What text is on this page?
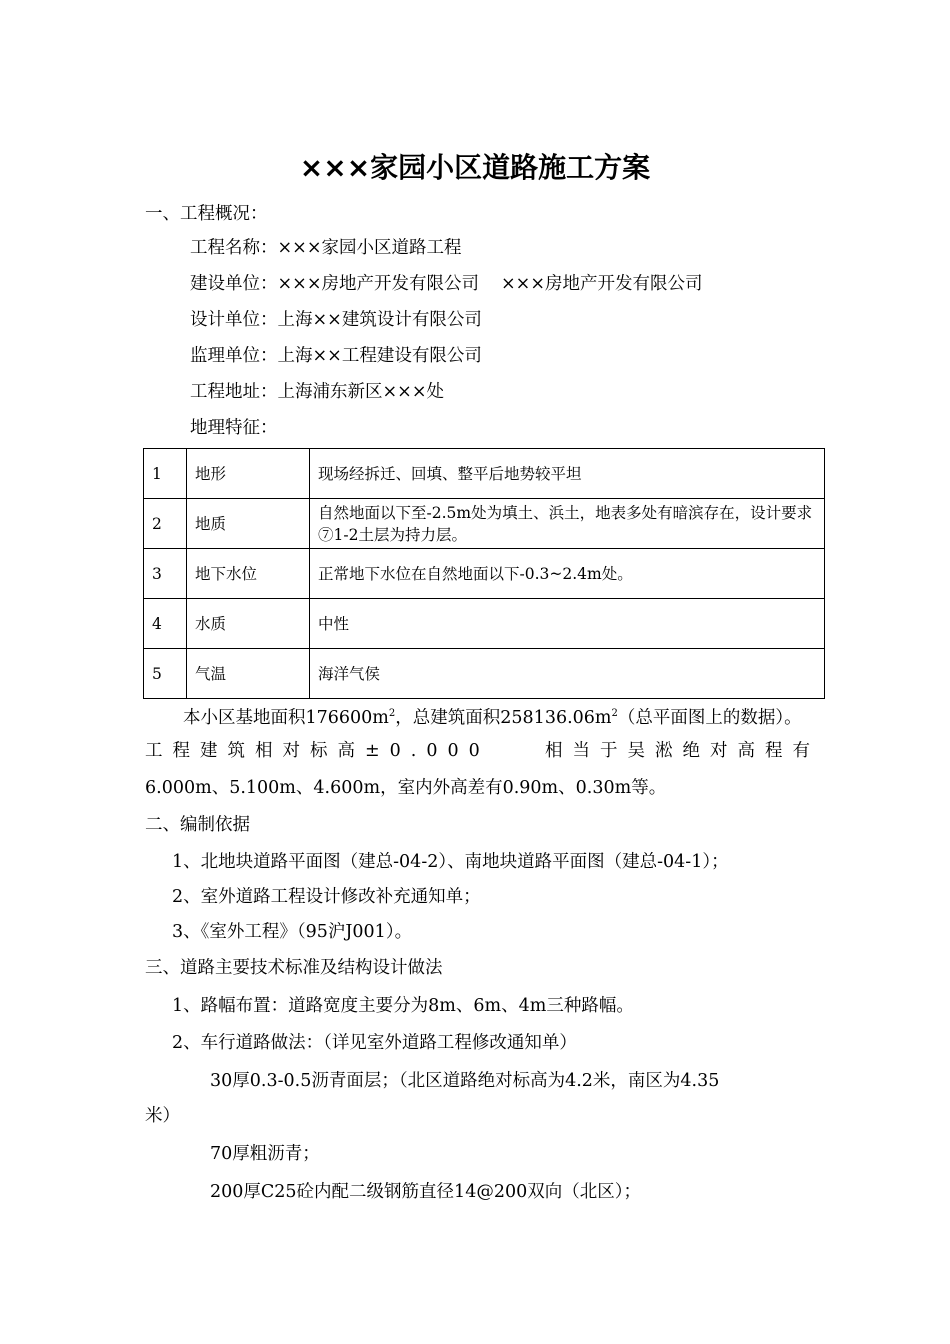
×××家园小区道路施工方案
一、工程概况：
工程名称：×××家园小区道路工程
建设单位：×××房地产开发有限公司 ×××房地产开发有限公司
设计单位：上海××建筑设计有限公司
监理单位：上海××工程建设有限公司
工程地址：上海浦东新区×××处
地理特征：
1	地形	现场经拆迁、回填、整平后地势较平坦
2	地质	自然地面以下至-2.5m处为填土、浜土，地表多处有暗滨存在，设计要求⑦1-2土层为持力层。
3	地下水位	正常地下水位在自然地面以下-0.3~2.4m处。
4	水质	中性
5	气温	海洋气侯
本小区基地面积$176600m^2$，总建筑面积$258136.06m^2$（总平面图上的数据）。
工程建筑相对标高±0.000	相当于吴淞绝对高程有
6.000m、5.100m、4.600m，室内外高差有0.90m、0.30m等。
二、编制依据
1、北地块道路平面图（建总-04-2）、南地块道路平面图（建总-04-1）；
2、室外道路工程设计修改补充通知单；
3、《室外工程》（95沪J001）。
三、道路主要技术标准及结构设计做法
1、路幅布置：道路宽度主要分为8m、6m、4m三种路幅。
2、车行道路做法：（详见室外道路工程修改通知单）
30厚0.3-0.5沥青面层；（北区道路绝对标高为4.2米，南区为4.35
米）
70厚粗沥青；
200厚C25砼内配二级钢筋直径14@200双向（北区）；
